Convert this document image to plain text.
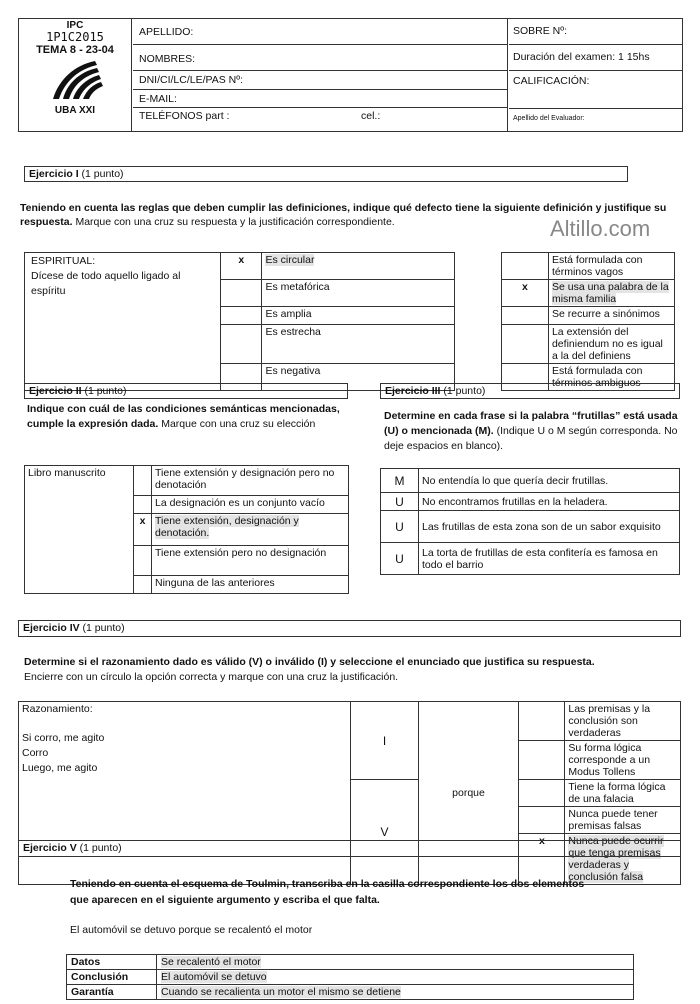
IPC
1P1C2015
TEMA 8 - 23-04
UBA XXI
APELLIDO:
NOMBRES:
DNI/CI/LC/LE/PAS Nº:
E-MAIL:
TELÉFONOS part :	cel.:
SOBRE Nº:
Duración del examen: 1 15hs
CALIFICACIÓN:
Apellido del Evaluador:
Ejercicio I (1 punto)
Teniendo en cuenta las reglas que deben cumplir las definiciones, indique qué defecto tiene la siguiente definición y justifique su respuesta. Marque con una cruz su respuesta y la justificación correspondiente.	Altillo.com
ESPIRITUAL:
Dícese de todo aquello ligado al espíritu	x	Es circular			Está formulada con términos vagos
		Es metafórica		x	Se usa una palabra de la misma familia
		Es amplia			Se recurre a sinónimos
		Es estrecha			La extensión del definiendum no es igual a la del definiens
		Es negativa			Está formulada con términos ambiguos
Ejercicio II (1 punto)
Indique con cuál de las condiciones semánticas mencionadas, cumple la expresión dada. Marque con una cruz su elección
Libro manuscrito		Tiene extensión y designación pero no denotación
		La designación es un conjunto vacío
	x	Tiene extensión, designación y denotación.
		Tiene extensión pero no designación
		Ninguna de las anteriores
Ejercicio III (1 punto)
Determine en cada frase si la palabra “frutillas” está usada (U) o mencionada (M). (Indique U o M según corresponda. No deje espacios en blanco).
M	No entendía lo que quería decir frutillas.
U	No encontramos frutillas en la heladera.
U	Las frutillas de esta zona son de un sabor exquisito
U	La torta de frutillas de esta confitería es famosa en todo el barrio
Ejercicio IV (1 punto)
Determine si el razonamiento dado es válido (V) o inválido (I) y seleccione el enunciado que justifica su respuesta.
Encierre con un círculo la opción correcta y marque con una cruz la justificación.
Razonamiento:
Si corro, me agito
Corro
Luego, me agito	I	porque		Las premisas y la conclusión son verdaderas
				Su forma lógica corresponde a un Modus Tollens
	V			Tiene la forma lógica de una falacia
				Nunca puede tener premisas falsas
			x	Nunca puede ocurrir que tenga premisas verdaderas y conclusión falsa
Ejercicio V (1 punto)
Teniendo en cuenta el esquema de Toulmin, transcriba en la casilla correspondiente los dos elementos que aparecen en el siguiente argumento y escriba el que falta.
El automóvil se detuvo porque se recalentó el motor
Datos	Se recalentó el motor
Conclusión	El automóvil se detuvo
Garantía	Cuando se recalienta un motor el mismo se detiene
